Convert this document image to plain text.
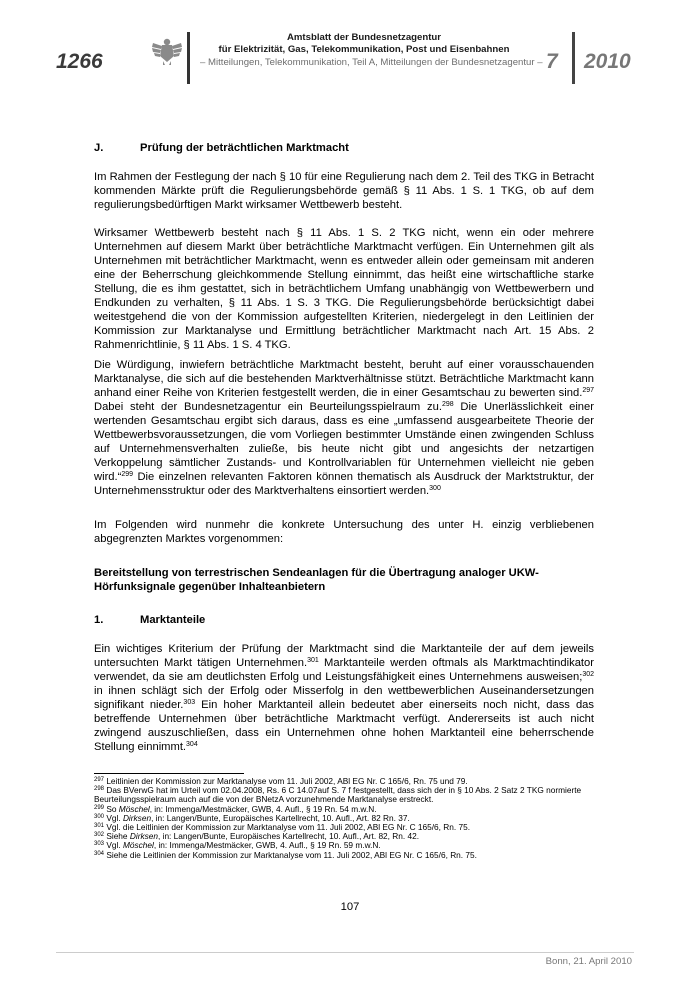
1266
Amtsblatt der Bundesnetzagentur
für Elektrizität, Gas, Telekommunikation, Post und Eisenbahnen
– Mitteilungen, Telekommunikation, Teil A, Mitteilungen der Bundesnetzagentur – 7 2010
J.	Prüfung der beträchtlichen Marktmacht

Im Rahmen der Festlegung der nach § 10 für eine Regulierung nach dem 2. Teil des TKG in Betracht kommenden Märkte prüft die Regulierungsbehörde gemäß § 11 Abs. 1 S. 1 TKG, ob auf dem regulierungsbedürftigen Markt wirksamer Wettbewerb besteht.

Wirksamer Wettbewerb besteht nach § 11 Abs. 1 S. 2 TKG nicht, wenn ein oder mehrere Unternehmen auf diesem Markt über beträchtliche Marktmacht verfügen. Ein Unternehmen gilt als Unternehmen mit beträchtlicher Marktmacht, wenn es entweder allein oder gemeinsam mit anderen eine der Beherrschung gleichkommende Stellung einnimmt, das heißt eine wirtschaftliche starke Stellung, die es ihm gestattet, sich in beträchtlichem Umfang unabhängig von Wettbewerbern und Endkunden zu verhalten, § 11 Abs. 1 S. 3 TKG. Die Regulierungsbehörde berücksichtigt dabei weitestgehend die von der Kommission aufgestellten Kriterien, niedergelegt in den Leitlinien der Kommission zur Marktanalyse und Ermittlung beträchtlicher Marktmacht nach Art. 15 Abs. 2 Rahmenrichtlinie, § 11 Abs. 1 S. 4 TKG.

Die Würdigung, inwiefern beträchtliche Marktmacht besteht, beruht auf einer vorausschauenden Marktanalyse, die sich auf die bestehenden Marktverhältnisse stützt. Beträchtliche Marktmacht kann anhand einer Reihe von Kriterien festgestellt werden, die in einer Gesamtschau zu bewerten sind.$^{297}$ Dabei steht der Bundesnetzagentur ein Beurteilungsspielraum zu.$^{298}$ Die Unerlässlichkeit einer wertenden Gesamtschau ergibt sich daraus, dass es eine „umfassend ausgearbeitete Theorie der Wettbewerbsvoraussetzungen, die vom Vorliegen bestimmter Umstände einen zwingenden Schluss auf Unternehmensverhalten zuließe, bis heute nicht gibt und angesichts der netzartigen Verkoppelung sämtlicher Zustands- und Kontrollvariablen für Unternehmen vielleicht nie geben wird.“$^{299}$ Die einzelnen relevanten Faktoren können thematisch als Ausdruck der Marktstruktur, der Unternehmensstruktur oder des Marktverhaltens einsortiert werden.$^{300}$

Im Folgenden wird nunmehr die konkrete Untersuchung des unter H. einzig verbliebenen abgegrenzten Marktes vorgenommen:

Bereitstellung von terrestrischen Sendeanlagen für die Übertragung analoger UKW-Hörfunksignale gegenüber Inhalteanbietern
1.	Marktanteile

Ein wichtiges Kriterium der Prüfung der Marktmacht sind die Marktanteile der auf dem jeweils untersuchten Markt tätigen Unternehmen.$^{301}$ Marktanteile werden oftmals als Marktmachtindikator verwendet, da sie am deutlichsten Erfolg und Leistungsfähigkeit eines Unternehmens ausweisen;$^{302}$ in ihnen schlägt sich der Erfolg oder Misserfolg in den wettbewerblichen Auseinandersetzungen signifikant nieder.$^{303}$ Ein hoher Marktanteil allein bedeutet aber einerseits noch nicht, dass das betreffende Unternehmen über beträchtliche Marktmacht verfügt. Andererseits ist auch nicht zwingend auszuschließen, dass ein Unternehmen ohne hohen Marktanteil eine beherrschende Stellung einnimmt.$^{304}$

$^{297}$ Leitlinien der Kommission zur Marktanalyse vom 11. Juli 2002, ABl EG Nr. C 165/6, Rn. 75 und 79.

$^{298}$ Das BVerwG hat im Urteil vom 02.04.2008, Rs. 6 C 14.07auf S. 7 f festgestellt, dass sich der in § 10 Abs. 2 Satz 2 TKG normierte Beurteilungsspielraum auch auf die von der BNetzA vorzunehmende Marktanalyse erstreckt.

$^{299}$ So Möschel, in: Immenga/Mestmäcker, GWB, 4. Aufl., § 19 Rn. 54 m.w.N.

$^{300}$ Vgl. Dirksen, in: Langen/Bunte, Europäisches Kartellrecht, 10. Aufl., Art. 82 Rn. 37.

$^{301}$ Vgl. die Leitlinien der Kommission zur Marktanalyse vom 11. Juli 2002, ABl EG Nr. C 165/6, Rn. 75.

$^{302}$ Siehe Dirksen, in: Langen/Bunte, Europäisches Kartellrecht, 10. Aufl., Art. 82, Rn. 42.

$^{303}$ Vgl. Möschel, in: Immenga/Mestmäcker, GWB, 4. Aufl., § 19 Rn. 59 m.w.N.

$^{304}$ Siehe die Leitlinien der Kommission zur Marktanalyse vom 11. Juli 2002, ABl EG Nr. C 165/6, Rn. 75.

107
Bonn, 21. April 2010
